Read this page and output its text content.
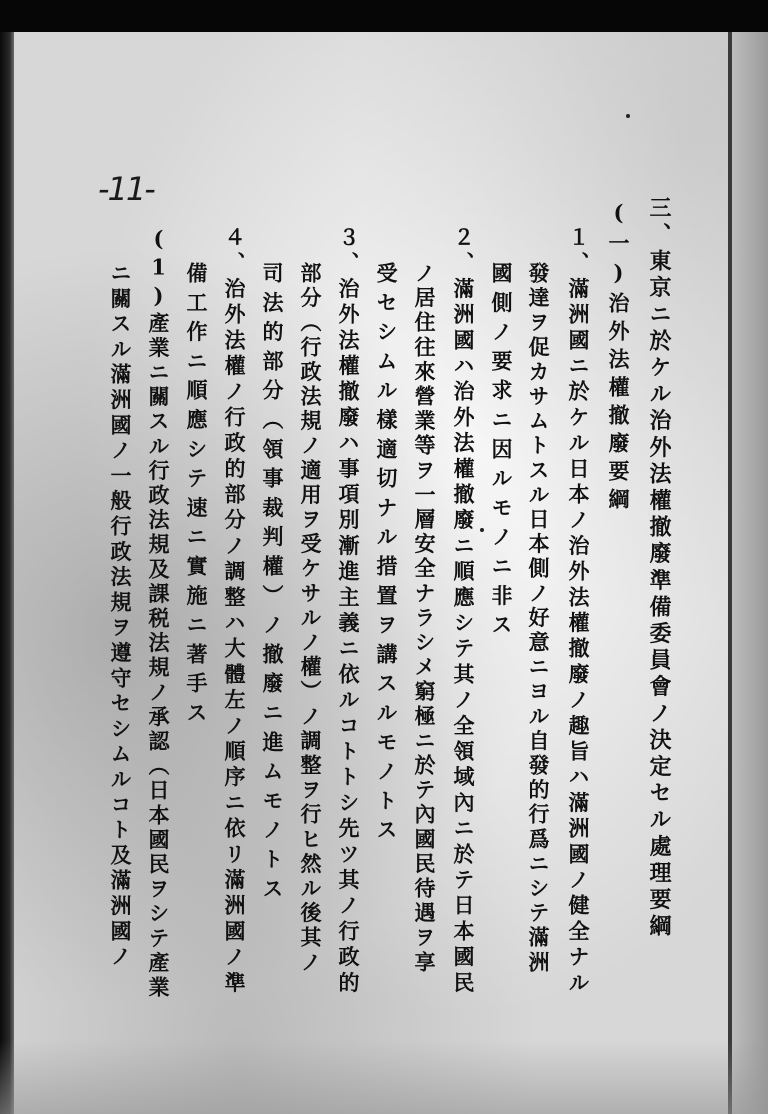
-11-
三、東京ニ於ケル治外法權撤廢準備委員會ノ決定セル處理要綱
(一)治外法權撤廢要綱
１、滿洲國ニ於ケル日本ノ治外法權撤廢ノ趣旨ハ滿洲國ノ健全ナル
發達ヲ促カサムトスル日本側ノ好意ニヨル自發的行爲ニシテ滿洲
國側ノ要求ニ因ルモノニ非ス
２、滿洲國ハ治外法權撤廢ニ順應シテ其ノ全領域內ニ於テ日本國民
ノ居住往來營業等ヲ一層安全ナラシメ窮極ニ於テ內國民待遇ヲ享
受セシムル樣適切ナル措置ヲ講スルモノトス
３、治外法權撤廢ハ事項別漸進主義ニ依ルコトトシ先ツ其ノ行政的
部分（行政法規ノ適用ヲ受ケサルノ權）ノ調整ヲ行ヒ然ル後其ノ
司法的部分（領事裁判權）ノ撤廢ニ進ムモノトス
４、治外法權ノ行政的部分ノ調整ハ大體左ノ順序ニ依リ滿洲國ノ準
備工作ニ順應シテ速ニ實施ニ著手ス
(1)產業ニ關スル行政法規及課税法規ノ承認（日本國民ヲシテ產業
ニ關スル滿洲國ノ一般行政法規ヲ遵守セシムルコト及滿洲國ノ
